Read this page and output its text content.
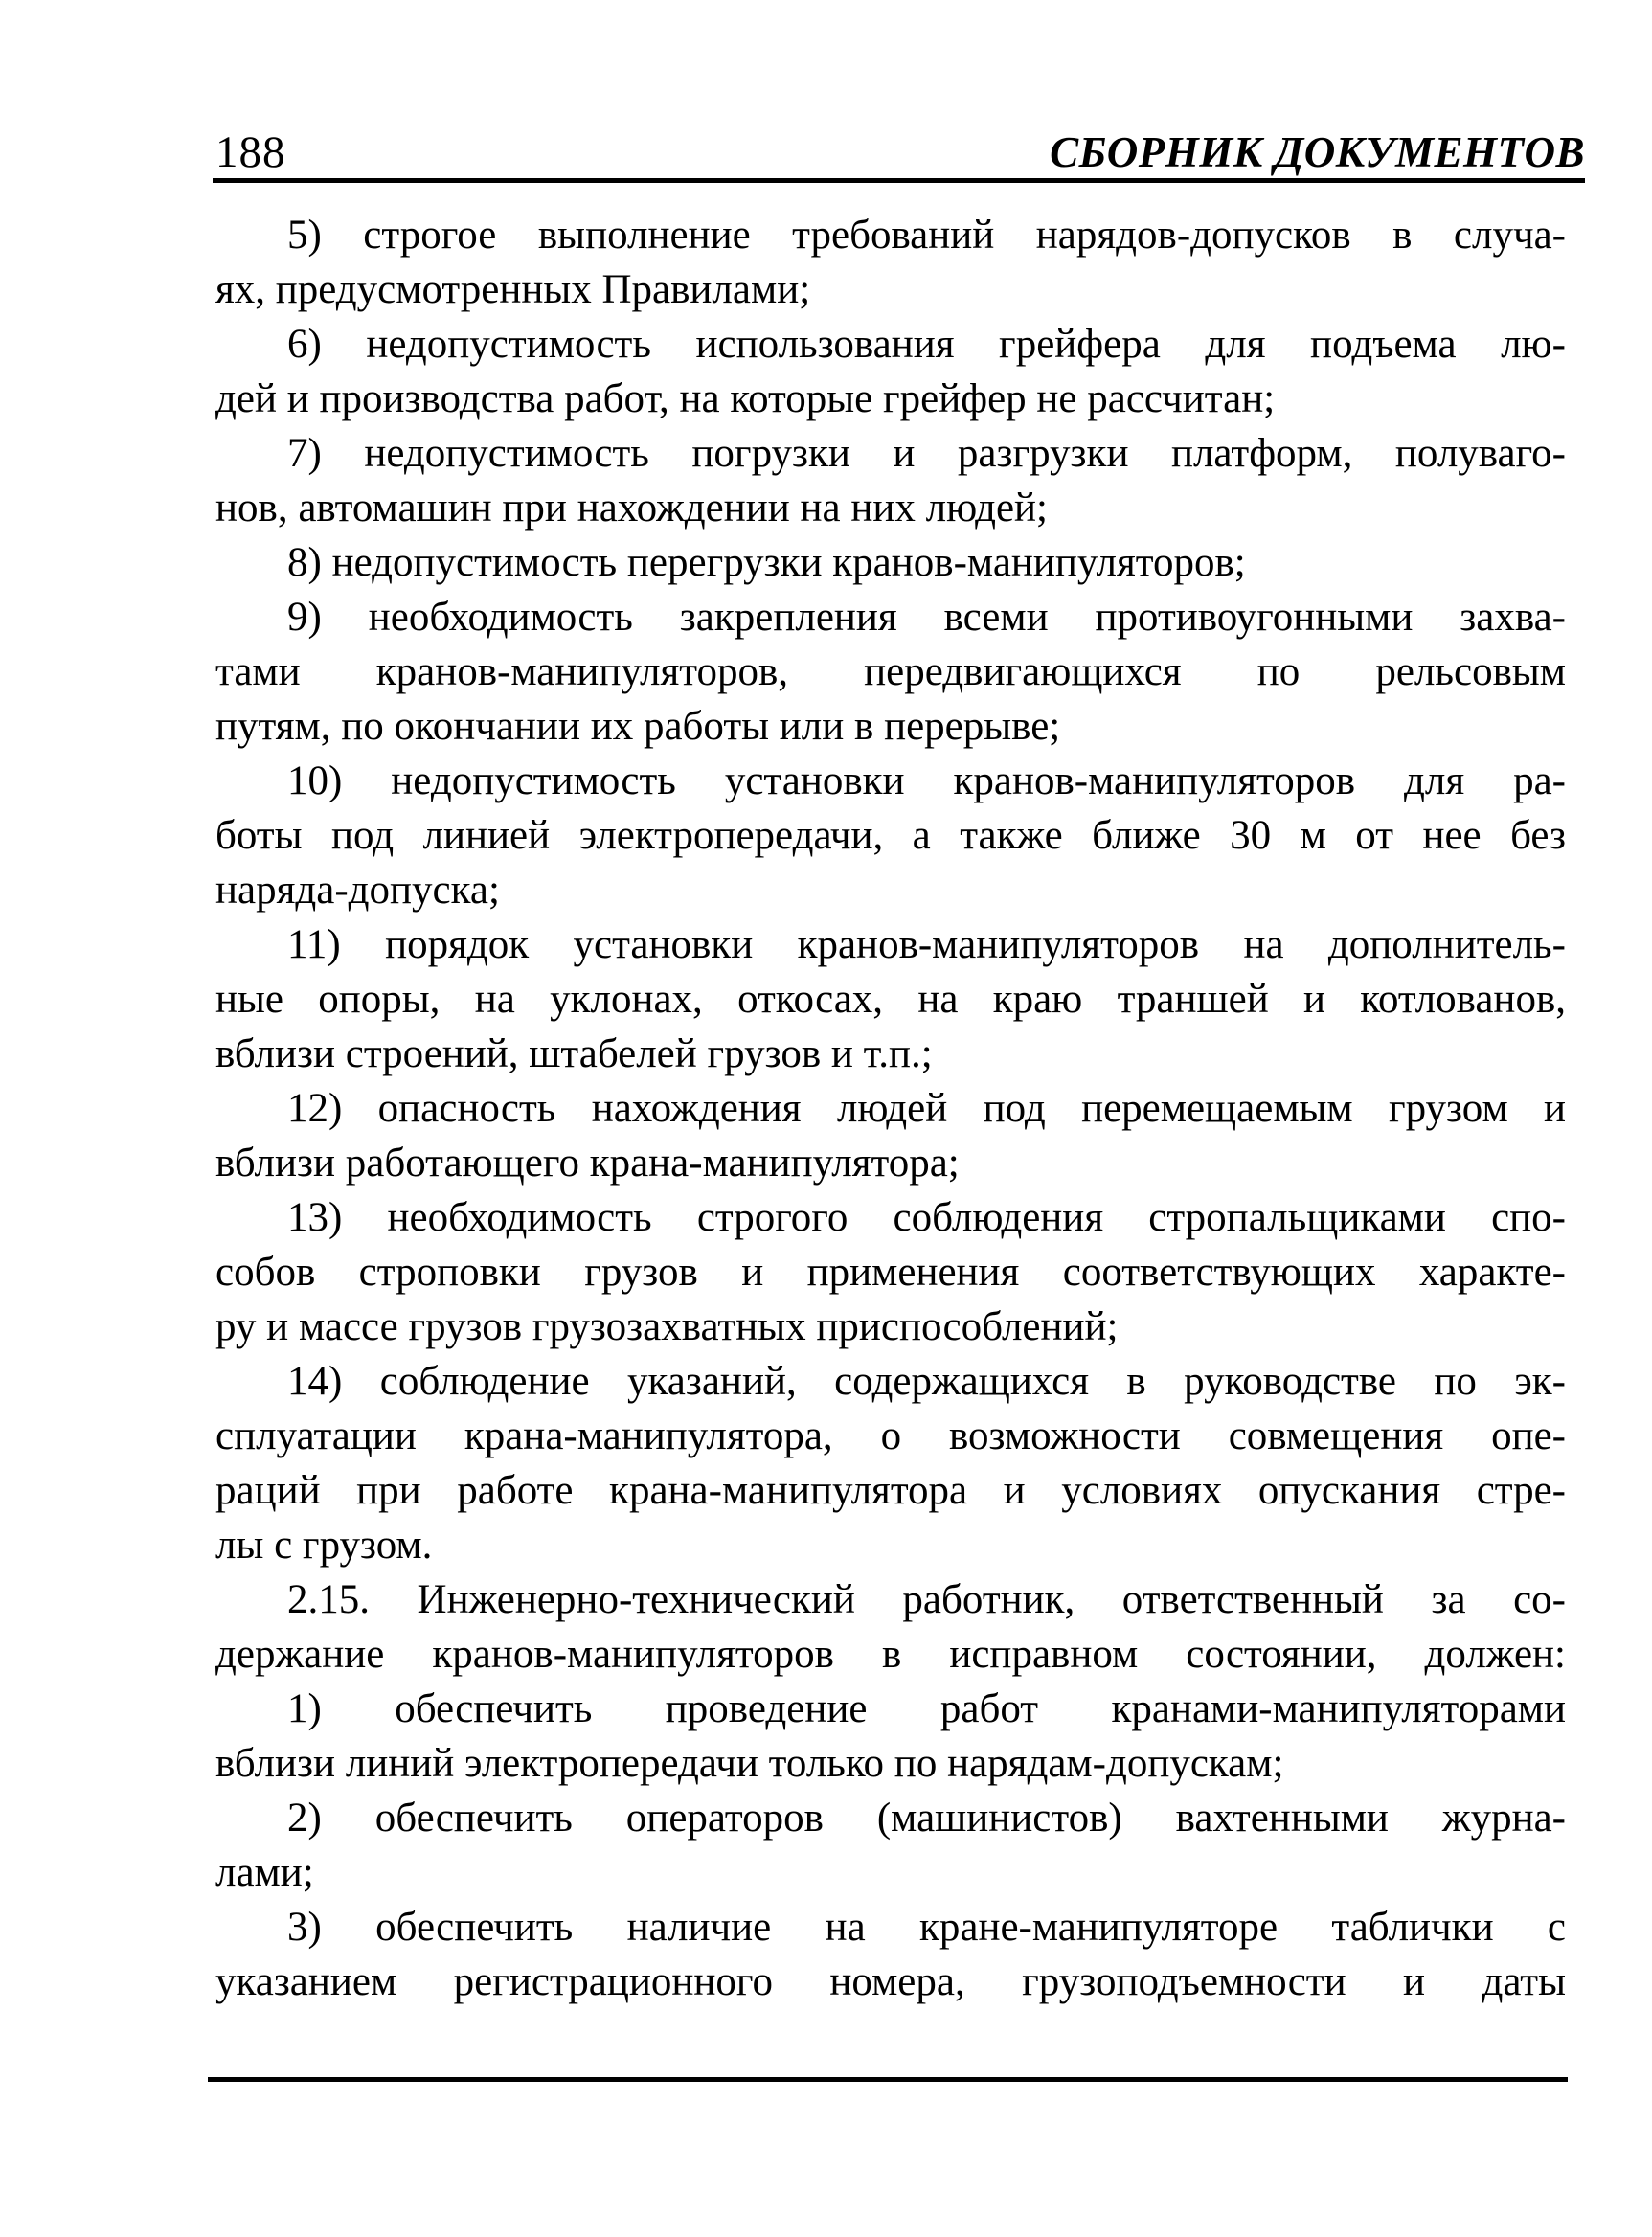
188	СБОРНИК ДОКУМЕНТОВ
5) строгое выполнение требований нарядов-допусков в случа-
ях, предусмотренных Правилами;
6) недопустимость использования грейфера для подъема лю-
дей и производства работ, на которые грейфер не рассчитан;
7) недопустимость погрузки и разгрузки платформ, полуваго-
нов, автомашин при нахождении на них людей;
8) недопустимость перегрузки кранов-манипуляторов;
9) необходимость закрепления всеми противоугонными захва-
тами кранов-манипуляторов, передвигающихся по рельсовым
путям, по окончании их работы или в перерыве;
10) недопустимость установки кранов-манипуляторов для ра-
боты под линией электропередачи, а также ближе 30 м от нее без
наряда-допуска;
11) порядок установки кранов-манипуляторов на дополнитель-
ные опоры, на уклонах, откосах, на краю траншей и котлованов,
вблизи строений, штабелей грузов и т.п.;
12) опасность нахождения людей под перемещаемым грузом и
вблизи работающего крана-манипулятора;
13) необходимость строгого соблюдения стропальщиками спо-
собов строповки грузов и применения соответствующих характе-
ру и массе грузов грузозахватных приспособлений;
14) соблюдение указаний, содержащихся в руководстве по эк-
сплуатации крана-манипулятора, о возможности совмещения опе-
раций при работе крана-манипулятора и условиях опускания стре-
лы с грузом.
2.15. Инженерно-технический работник, ответственный за со-
держание кранов-манипуляторов в исправном состоянии, должен:
1) обеспечить проведение работ кранами-манипуляторами
вблизи линий электропередачи только по нарядам-допускам;
2) обеспечить операторов (машинистов) вахтенными журна-
лами;
3) обеспечить наличие на кране-манипуляторе таблички с
указанием регистрационного номера, грузоподъемности и даты
